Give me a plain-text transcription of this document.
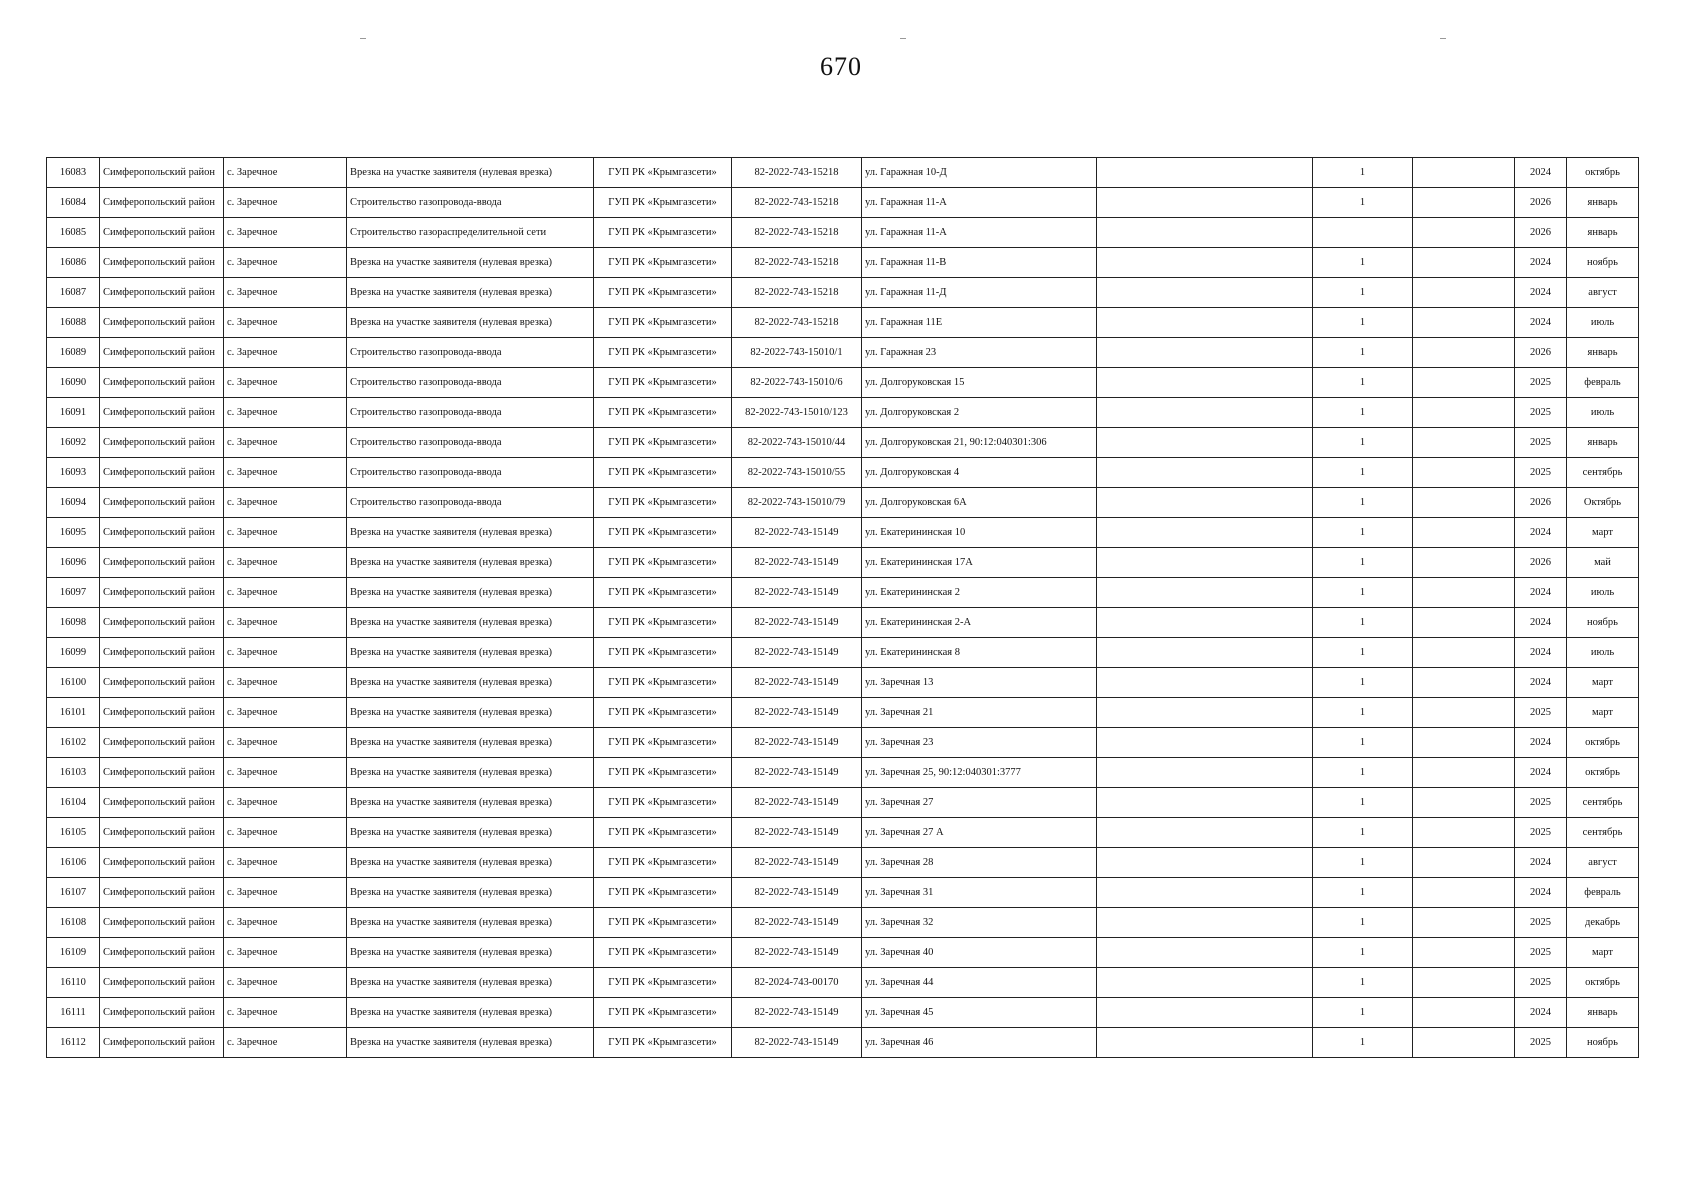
670
16083	Симферопольский район	с. Заречное	Врезка на участке заявителя (нулевая врезка)	ГУП РК «Крымгазсети»	82-2022-743-15218	ул. Гаражная 10-Д		1		2024	октябрь
16084	Симферопольский район	с. Заречное	Строительство газопровода-ввода	ГУП РК «Крымгазсети»	82-2022-743-15218	ул. Гаражная 11-А		1		2026	январь
16085	Симферопольский район	с. Заречное	Строительство газораспределительной сети	ГУП РК «Крымгазсети»	82-2022-743-15218	ул. Гаражная 11-А				2026	январь
16086	Симферопольский район	с. Заречное	Врезка на участке заявителя (нулевая врезка)	ГУП РК «Крымгазсети»	82-2022-743-15218	ул. Гаражная 11-В		1		2024	ноябрь
16087	Симферопольский район	с. Заречное	Врезка на участке заявителя (нулевая врезка)	ГУП РК «Крымгазсети»	82-2022-743-15218	ул. Гаражная 11-Д		1		2024	август
16088	Симферопольский район	с. Заречное	Врезка на участке заявителя (нулевая врезка)	ГУП РК «Крымгазсети»	82-2022-743-15218	ул. Гаражная 11Е		1		2024	июль
16089	Симферопольский район	с. Заречное	Строительство газопровода-ввода	ГУП РК «Крымгазсети»	82-2022-743-15010/1	ул. Гаражная 23		1		2026	январь
16090	Симферопольский район	с. Заречное	Строительство газопровода-ввода	ГУП РК «Крымгазсети»	82-2022-743-15010/6	ул. Долгоруковская 15		1		2025	февраль
16091	Симферопольский район	с. Заречное	Строительство газопровода-ввода	ГУП РК «Крымгазсети»	82-2022-743-15010/123	ул. Долгоруковская 2		1		2025	июль
16092	Симферопольский район	с. Заречное	Строительство газопровода-ввода	ГУП РК «Крымгазсети»	82-2022-743-15010/44	ул. Долгоруковская 21, 90:12:040301:306		1		2025	январь
16093	Симферопольский район	с. Заречное	Строительство газопровода-ввода	ГУП РК «Крымгазсети»	82-2022-743-15010/55	ул. Долгоруковская 4		1		2025	сентябрь
16094	Симферопольский район	с. Заречное	Строительство газопровода-ввода	ГУП РК «Крымгазсети»	82-2022-743-15010/79	ул. Долгоруковская 6А		1		2026	Октябрь
16095	Симферопольский район	с. Заречное	Врезка на участке заявителя (нулевая врезка)	ГУП РК «Крымгазсети»	82-2022-743-15149	ул. Екатерининская 10		1		2024	март
16096	Симферопольский район	с. Заречное	Врезка на участке заявителя (нулевая врезка)	ГУП РК «Крымгазсети»	82-2022-743-15149	ул. Екатерининская 17А		1		2026	май
16097	Симферопольский район	с. Заречное	Врезка на участке заявителя (нулевая врезка)	ГУП РК «Крымгазсети»	82-2022-743-15149	ул. Екатерининская 2		1		2024	июль
16098	Симферопольский район	с. Заречное	Врезка на участке заявителя (нулевая врезка)	ГУП РК «Крымгазсети»	82-2022-743-15149	ул. Екатерининская 2-А		1		2024	ноябрь
16099	Симферопольский район	с. Заречное	Врезка на участке заявителя (нулевая врезка)	ГУП РК «Крымгазсети»	82-2022-743-15149	ул. Екатерининская 8		1		2024	июль
16100	Симферопольский район	с. Заречное	Врезка на участке заявителя (нулевая врезка)	ГУП РК «Крымгазсети»	82-2022-743-15149	ул. Заречная 13		1		2024	март
16101	Симферопольский район	с. Заречное	Врезка на участке заявителя (нулевая врезка)	ГУП РК «Крымгазсети»	82-2022-743-15149	ул. Заречная 21		1		2025	март
16102	Симферопольский район	с. Заречное	Врезка на участке заявителя (нулевая врезка)	ГУП РК «Крымгазсети»	82-2022-743-15149	ул. Заречная 23		1		2024	октябрь
16103	Симферопольский район	с. Заречное	Врезка на участке заявителя (нулевая врезка)	ГУП РК «Крымгазсети»	82-2022-743-15149	ул. Заречная 25, 90:12:040301:3777		1		2024	октябрь
16104	Симферопольский район	с. Заречное	Врезка на участке заявителя (нулевая врезка)	ГУП РК «Крымгазсети»	82-2022-743-15149	ул. Заречная 27		1		2025	сентябрь
16105	Симферопольский район	с. Заречное	Врезка на участке заявителя (нулевая врезка)	ГУП РК «Крымгазсети»	82-2022-743-15149	ул. Заречная 27 А		1		2025	сентябрь
16106	Симферопольский район	с. Заречное	Врезка на участке заявителя (нулевая врезка)	ГУП РК «Крымгазсети»	82-2022-743-15149	ул. Заречная 28		1		2024	август
16107	Симферопольский район	с. Заречное	Врезка на участке заявителя (нулевая врезка)	ГУП РК «Крымгазсети»	82-2022-743-15149	ул. Заречная 31		1		2024	февраль
16108	Симферопольский район	с. Заречное	Врезка на участке заявителя (нулевая врезка)	ГУП РК «Крымгазсети»	82-2022-743-15149	ул. Заречная 32		1		2025	декабрь
16109	Симферопольский район	с. Заречное	Врезка на участке заявителя (нулевая врезка)	ГУП РК «Крымгазсети»	82-2022-743-15149	ул. Заречная 40		1		2025	март
16110	Симферопольский район	с. Заречное	Врезка на участке заявителя (нулевая врезка)	ГУП РК «Крымгазсети»	82-2024-743-00170	ул. Заречная 44		1		2025	октябрь
16111	Симферопольский район	с. Заречное	Врезка на участке заявителя (нулевая врезка)	ГУП РК «Крымгазсети»	82-2022-743-15149	ул. Заречная 45		1		2024	январь
16112	Симферопольский район	с. Заречное	Врезка на участке заявителя (нулевая врезка)	ГУП РК «Крымгазсети»	82-2022-743-15149	ул. Заречная 46		1		2025	ноябрь
